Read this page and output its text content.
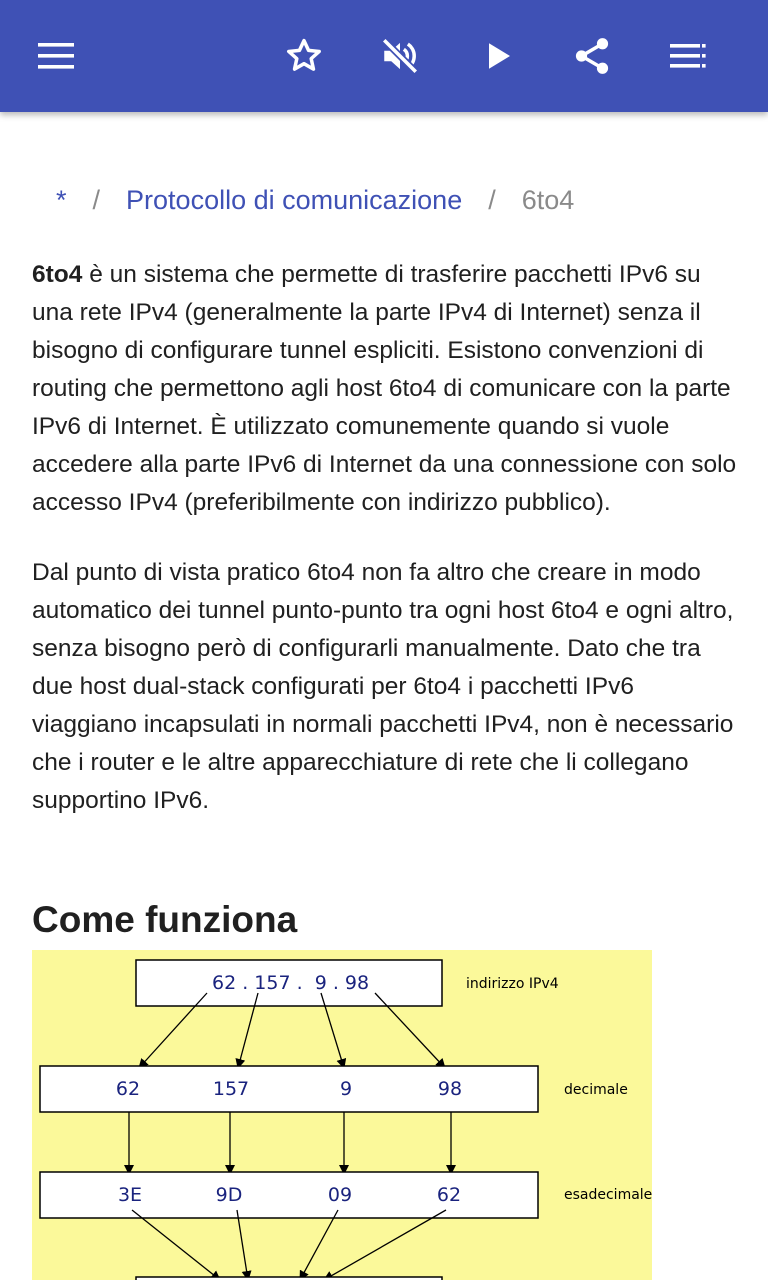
* / Protocollo di comunicazione / 6to4

6to4 è un sistema che permette di trasferire pacchetti IPv6 su una rete IPv4 (generalmente la parte IPv4 di Internet) senza il bisogno di configurare tunnel espliciti. Esistono convenzioni di routing che permettono agli host 6to4 di comunicare con la parte IPv6 di Internet. È utilizzato comunemente quando si vuole accedere alla parte IPv6 di Internet da una connessione con solo accesso IPv4 (preferibilmente con indirizzo pubblico).

Dal punto di vista pratico 6to4 non fa altro che creare in modo automatico dei tunnel punto-punto tra ogni host 6to4 e ogni altro, senza bisogno però di configurarli manualmente. Dato che tra due host dual-stack configurati per 6to4 i pacchetti IPv6 viaggiano incapsulati in normali pacchetti IPv4, non è necessario che i router e le altre apparecchiature di rete che li collegano supportino IPv6.

Come funziona
62 . 157 .  9 . 98	indirizzo IPv4
62	157	9	98	decimale
3E	9D	09	62	esadecimale
